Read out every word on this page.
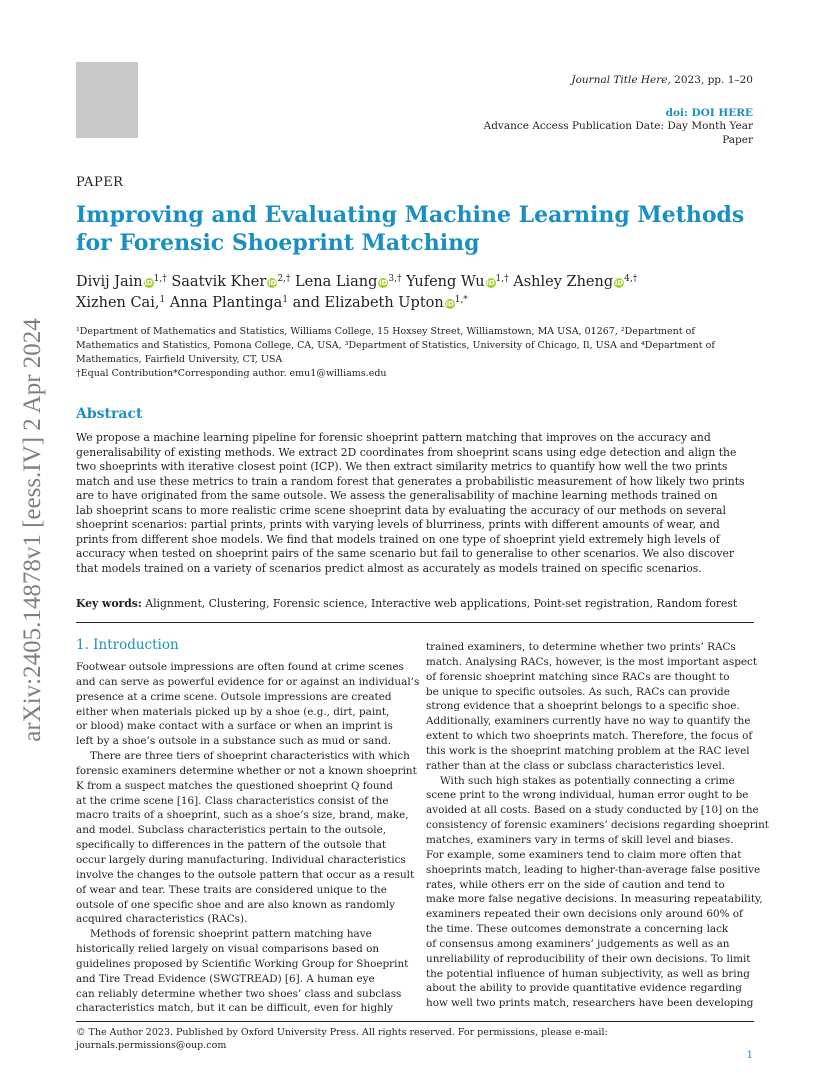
Journal Title Here, 2023, pp. 1–20
doi: DOI HERE
Advance Access Publication Date: Day Month Year
Paper
PAPER
Improving and Evaluating Machine Learning Methods
for Forensic Shoeprint Matching
Divij Jain $iD^{1,\dagger}$ Saatvik Kher $iD^{2,\dagger}$ Lena Liang $iD^{3,\dagger}$ Yufeng Wu $iD^{1,\dagger}$ Ashley Zheng $iD^{4,\dagger}$
Xizhen Cai,$^1$ Anna Plantinga$^1$ and Elizabeth Upton $iD^{1,*}$
¹Department of Mathematics and Statistics, Williams College, 15 Hoxsey Street, Williamstown, MA USA, 01267, ²Department of
Mathematics and Statistics, Pomona College, CA, USA, ³Department of Statistics, University of Chicago, Il, USA and ⁴Department of
Mathematics, Fairfield University, CT, USA
†Equal Contribution*Corresponding author. emu1@williams.edu
Abstract
We propose a machine learning pipeline for forensic shoeprint pattern matching that improves on the accuracy and
generalisability of existing methods. We extract 2D coordinates from shoeprint scans using edge detection and align the
two shoeprints with iterative closest point (ICP). We then extract similarity metrics to quantify how well the two prints
match and use these metrics to train a random forest that generates a probabilistic measurement of how likely two prints
are to have originated from the same outsole. We assess the generalisability of machine learning methods trained on
lab shoeprint scans to more realistic crime scene shoeprint data by evaluating the accuracy of our methods on several
shoeprint scenarios: partial prints, prints with varying levels of blurriness, prints with different amounts of wear, and
prints from different shoe models. We find that models trained on one type of shoeprint yield extremely high levels of
accuracy when tested on shoeprint pairs of the same scenario but fail to generalise to other scenarios. We also discover
that models trained on a variety of scenarios predict almost as accurately as models trained on specific scenarios.
Key words: Alignment, Clustering, Forensic science, Interactive web applications, Point-set registration, Random forest
1. Introduction
Footwear outsole impressions are often found at crime scenes
and can serve as powerful evidence for or against an individual’s
presence at a crime scene. Outsole impressions are created
either when materials picked up by a shoe (e.g., dirt, paint,
or blood) make contact with a surface or when an imprint is
left by a shoe’s outsole in a substance such as mud or sand.
There are three tiers of shoeprint characteristics with which
forensic examiners determine whether or not a known shoeprint
K from a suspect matches the questioned shoeprint Q found
at the crime scene [16]. Class characteristics consist of the
macro traits of a shoeprint, such as a shoe’s size, brand, make,
and model. Subclass characteristics pertain to the outsole,
specifically to differences in the pattern of the outsole that
occur largely during manufacturing. Individual characteristics
involve the changes to the outsole pattern that occur as a result
of wear and tear. These traits are considered unique to the
outsole of one specific shoe and are also known as randomly
acquired characteristics (RACs).
Methods of forensic shoeprint pattern matching have
historically relied largely on visual comparisons based on
guidelines proposed by Scientific Working Group for Shoeprint
and Tire Tread Evidence (SWGTREAD) [6]. A human eye
can reliably determine whether two shoes’ class and subclass
characteristics match, but it can be difficult, even for highly
trained examiners, to determine whether two prints’ RACs
match. Analysing RACs, however, is the most important aspect
of forensic shoeprint matching since RACs are thought to
be unique to specific outsoles. As such, RACs can provide
strong evidence that a shoeprint belongs to a specific shoe.
Additionally, examiners currently have no way to quantify the
extent to which two shoeprints match. Therefore, the focus of
this work is the shoeprint matching problem at the RAC level
rather than at the class or subclass characteristics level.
With such high stakes as potentially connecting a crime
scene print to the wrong individual, human error ought to be
avoided at all costs. Based on a study conducted by [10] on the
consistency of forensic examiners’ decisions regarding shoeprint
matches, examiners vary in terms of skill level and biases.
For example, some examiners tend to claim more often that
shoeprints match, leading to higher-than-average false positive
rates, while others err on the side of caution and tend to
make more false negative decisions. In measuring repeatability,
examiners repeated their own decisions only around 60% of
the time. These outcomes demonstrate a concerning lack
of consensus among examiners’ judgements as well as an
unreliability of reproducibility of their own decisions. To limit
the potential influence of human subjectivity, as well as bring
about the ability to provide quantitative evidence regarding
how well two prints match, researchers have been developing
© The Author 2023. Published by Oxford University Press. All rights reserved. For permissions, please e-mail:
journals.permissions@oup.com
1
arXiv:2405.14878v1 [eess.IV] 2 Apr 2024
